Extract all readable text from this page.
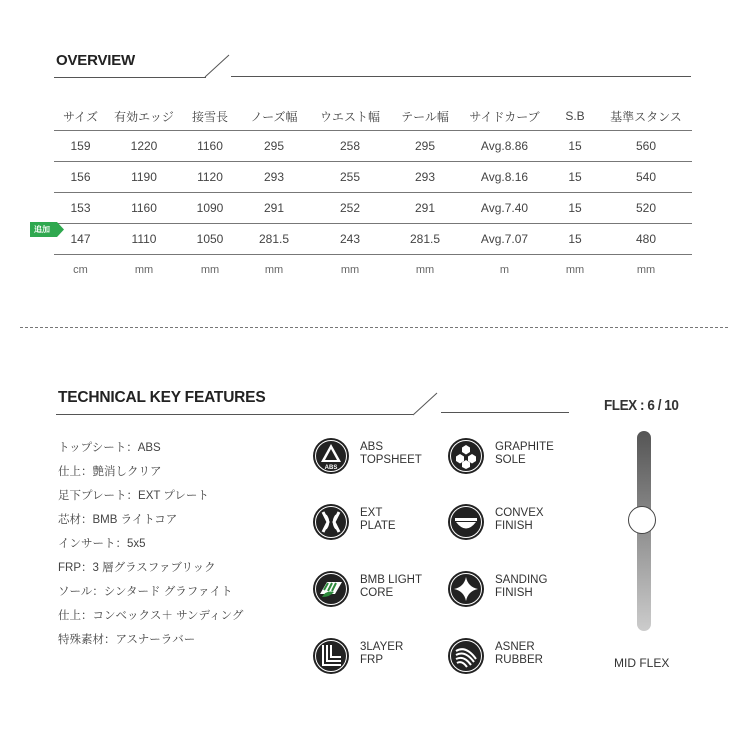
OVERVIEW
サイズ	有効エッジ	接雪長	ノーズ幅	ウエスト幅	テール幅	サイドカーブ	S.B	基準スタンス
159	1220	1160	295	258	295	Avg.8.86	15	560
156	1190	1120	293	255	293	Avg.8.16	15	540
153	1160	1090	291	252	291	Avg.7.40	15	520
147	1110	1050	281.5	243	281.5	Avg.7.07	15	480
cm	mm	mm	mm	mm	mm	m	mm	mm
追加
TECHNICAL KEY FEATURES
トップシート：ABS
仕上：艶消しクリア
足下プレート：EXT プレート
芯材：BMB ライトコア
インサート：5x5
FRP：3 層グラスファブリック
ソール：シンタード グラファイト
仕上：コンベックス＋ サンディング
特殊素材：アスナーラバー
ABS
ABS
TOPSHEET
GRAPHITE
SOLE
EXT
PLATE
CONVEX
FINISH
BMB LIGHT
CORE
SANDING
FINISH
3LAYER
FRP
ASNER
RUBBER
FLEX : 6 / 10
MID FLEX
